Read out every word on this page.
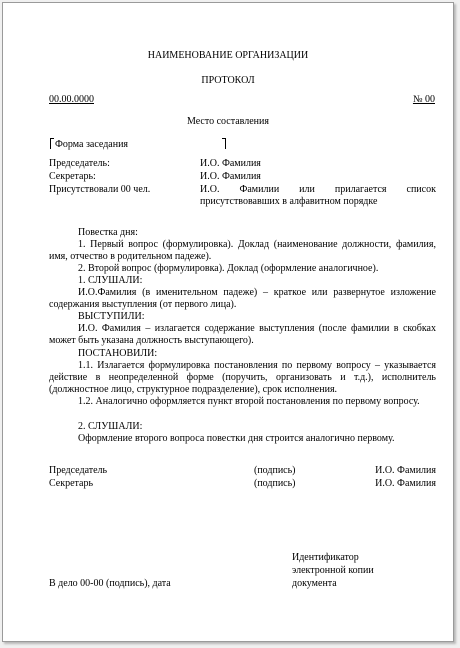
НАИМЕНОВАНИЕ ОРГАНИЗАЦИИ
ПРОТОКОЛ
00.00.0000	№ 00
Место составления
Форма заседания
Председатель:	И.О. Фамилия
Секретарь:	И.О. Фамилия
Присутствовали 00 чел.	И.О. Фамилии или прилагается список
присутствовавших в алфавитном порядке
Повестка дня:
1. Первый вопрос (формулировка). Доклад (наименование должности, фамилия, имя, отчество в родительном падеже).
2. Второй вопрос (формулировка). Доклад (оформление аналогичное).
1. СЛУШАЛИ:
И.О.Фамилия (в именительном падеже) – краткое или развернутое изложение содержания выступления (от первого лица).
ВЫСТУПИЛИ:
И.О. Фамилия – излагается содержание выступления (после фамилии в скобках может быть указана должность выступающего).
ПОСТАНОВИЛИ:
1.1. Излагается формулировка постановления по первому вопросу – указывается действие в неопределенной форме (поручить, организовать и т.д.), исполнитель (должностное лицо, структурное подразделение), срок исполнения.
1.2. Аналогично оформляется пункт второй постановления по первому вопросу.
2. СЛУШАЛИ:
Оформление второго вопроса повестки дня строится аналогично первому.
Председатель	(подпись)	И.О. Фамилия
Секретарь	(подпись)	И.О. Фамилия
Идентификатор
электронной копии
документа
В дело 00-00 (подпись), дата
